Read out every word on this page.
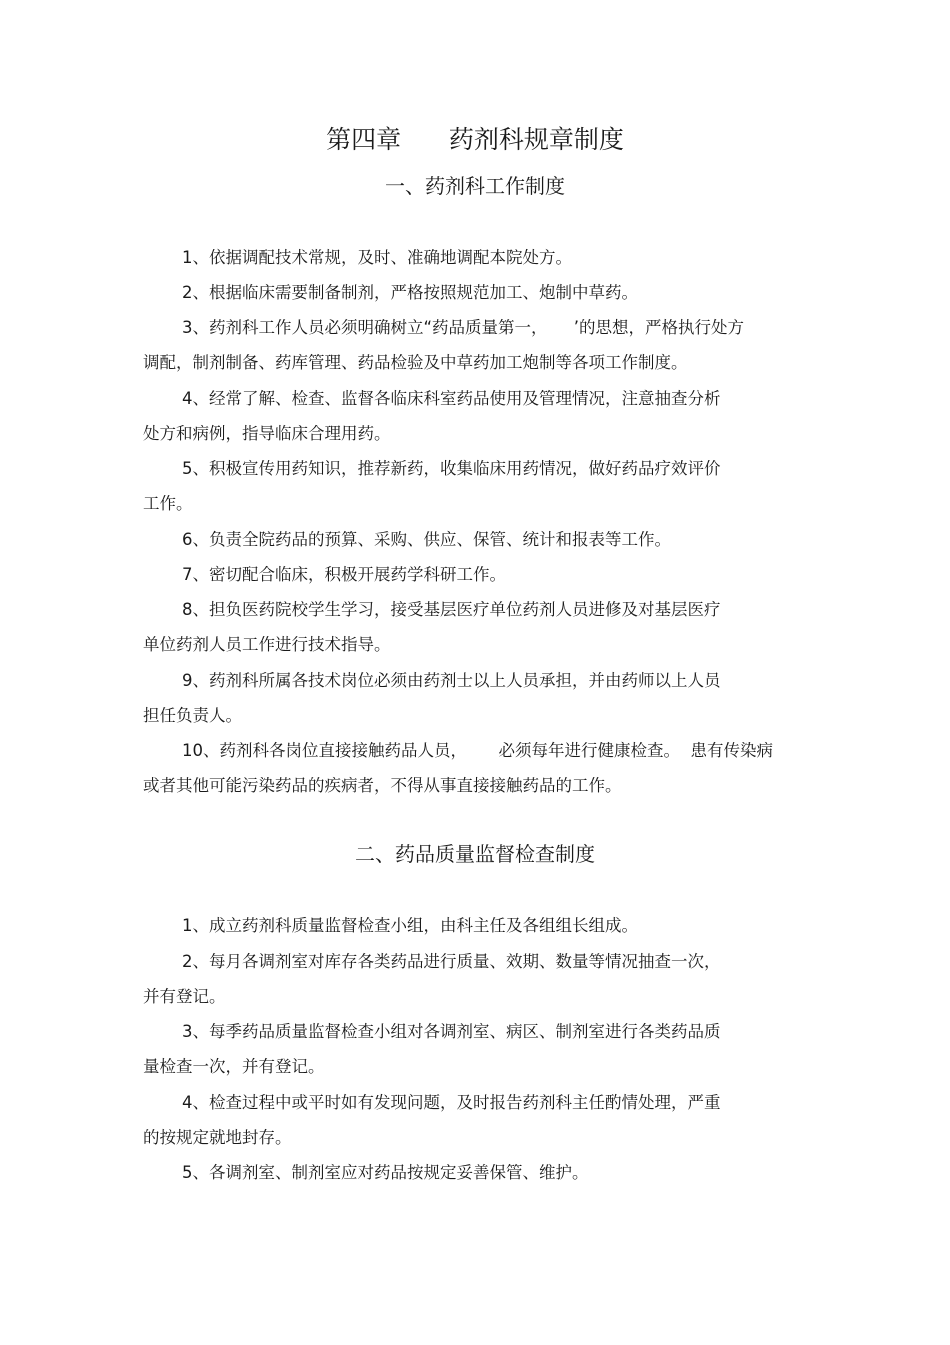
第四章      药剂科规章制度
一、药剂科工作制度
1、依据调配技术常规，及时、准确地调配本院处方。
2、根据临床需要制备制剂，严格按照规范加工、炮制中草药。
3、药剂科工作人员必须明确树立“药品质量第一，     ’的思想，严格执行处方
调配，制剂制备、药库管理、药品检验及中草药加工炮制等各项工作制度。
4、经常了解、检查、监督各临床科室药品使用及管理情况，注意抽查分析
处方和病例，指导临床合理用药。
5、积极宣传用药知识，推荐新药，收集临床用药情况，做好药品疗效评价
工作。
6、负责全院药品的预算、采购、供应、保管、统计和报表等工作。
7、密切配合临床，积极开展药学科研工作。
8、担负医药院校学生学习，接受基层医疗单位药剂人员进修及对基层医疗
单位药剂人员工作进行技术指导。
9、药剂科所属各技术岗位必须由药剂士以上人员承担，并由药师以上人员
担任负责人。
10、药剂科各岗位直接接触药品人员，      必须每年进行健康检查。  患有传染病
或者其他可能污染药品的疾病者，不得从事直接接触药品的工作。
二、药品质量监督检查制度
1、成立药剂科质量监督检查小组，由科主任及各组组长组成。
2、每月各调剂室对库存各类药品进行质量、效期、数量等情况抽查一次，
并有登记。
3、每季药品质量监督检查小组对各调剂室、病区、制剂室进行各类药品质
量检查一次，并有登记。
4、检查过程中或平时如有发现问题，及时报告药剂科主任酌情处理，严重
的按规定就地封存。
5、各调剂室、制剂室应对药品按规定妥善保管、维护。
